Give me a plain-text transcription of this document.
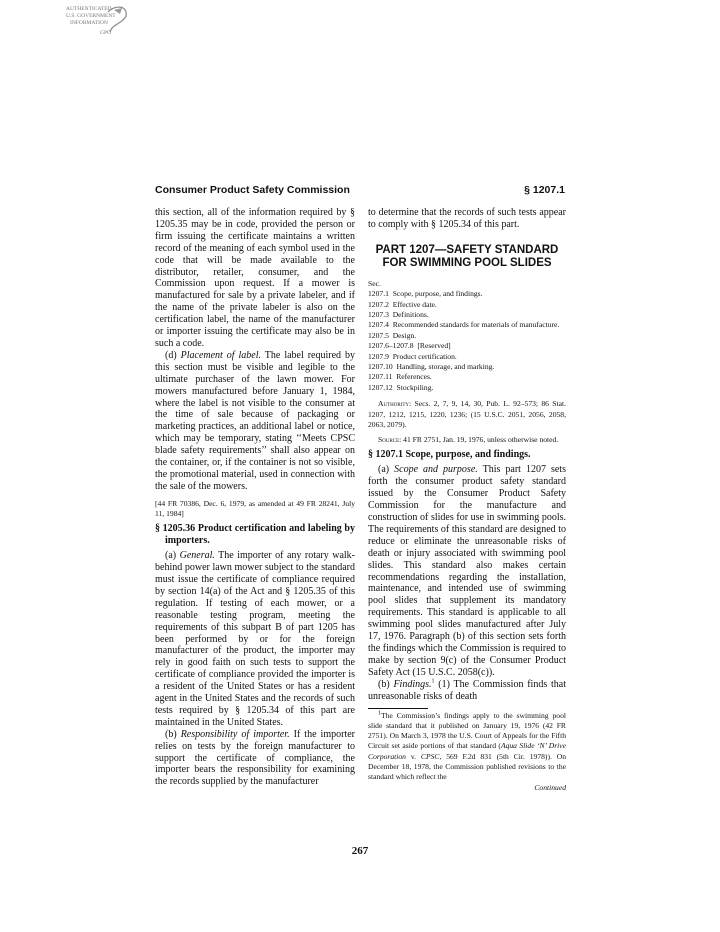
AUTHENTICATED
U.S. GOVERNMENT
INFORMATION
GPO
Consumer Product Safety Commission	§ 1207.1

this section, all of the information required by § 1205.35 may be in code, provided the person or firm issuing the certificate maintains a written record of the meaning of each symbol used in the code that will be made available to the distributor, retailer, consumer, and the Commission upon request. If a mower is manufactured for sale by a private labeler, and if the name of the private labeler is also on the certification label, the name of the manufacturer or importer issuing the certificate may also be in such a code.

(d) Placement of label. The label required by this section must be visible and legible to the ultimate purchaser of the lawn mower. For mowers manufactured before January 1, 1984, where the label is not visible to the consumer at the time of sale because of packaging or marketing practices, an additional label or notice, which may be temporary, stating ‘‘Meets CPSC blade safety requirements’’ shall also appear on the container, or, if the container is not so visible, the promotional material, used in connection with the sale of the mowers.

[44 FR 70386, Dec. 6, 1979, as amended at 49 FR 28241, July 11, 1984]

§ 1205.36 Product certification and labeling by importers.

(a) General. The importer of any rotary walk-behind power lawn mower subject to the standard must issue the certificate of compliance required by section 14(a) of the Act and § 1205.35 of this regulation. If testing of each mower, or a reasonable testing program, meeting the requirements of this subpart B of part 1205 has been performed by or for the foreign manufacturer of the product, the importer may rely in good faith on such tests to support the certificate of compliance provided the importer is a resident of the United States or has a resident agent in the United States and the records of such tests required by § 1205.34 of this part are maintained in the United States.

(b) Responsibility of importer. If the importer relies on tests by the foreign manufacturer to support the certificate of compliance, the importer bears the responsibility for examining the records supplied by the manufacturer

to determine that the records of such tests appear to comply with § 1205.34 of this part.

PART 1207—SAFETY STANDARD
FOR SWIMMING POOL SLIDES

Sec.
1207.1 Scope, purpose, and findings.
1207.2 Effective date.
1207.3 Definitions.
1207.4 Recommended standards for materials of manufacture.
1207.5 Design.
1207.6–1207.8 [Reserved]
1207.9 Product certification.
1207.10 Handling, storage, and marking.
1207.11 References.
1207.12 Stockpiling.

Authority: Secs. 2, 7, 9, 14, 30, Pub. L. 92–573; 86 Stat. 1207, 1212, 1215, 1220, 1236; (15 U.S.C. 2051, 2056, 2058, 2063, 2079).

Source: 41 FR 2751, Jan. 19, 1976, unless otherwise noted.

§ 1207.1 Scope, purpose, and findings.

(a) Scope and purpose. This part 1207 sets forth the consumer product safety standard issued by the Consumer Product Safety Commission for the manufacture and construction of slides for use in swimming pools. The requirements of this standard are designed to reduce or eliminate the unreasonable risks of death or injury associated with swimming pool slides. This standard also makes certain recommendations regarding the installation, maintenance, and intended use of swimming pool slides that supplement its mandatory requirements. This standard is applicable to all swimming pool slides manufactured after July 17, 1976. Paragraph (b) of this section sets forth the findings which the Commission is required to make by section 9(c) of the Consumer Product Safety Act (15 U.S.C. 2058(c)).

(b) Findings.$^1$ (1) The Commission finds that unreasonable risks of death

$^1$The Commission’s findings apply to the swimming pool slide standard that it published on January 19, 1976 (42 FR 2751). On March 3, 1978 the U.S. Court of Appeals for the Fifth Circuit set aside portions of that standard (Aqua Slide ‘N’ Drive Corporation v. CPSC, 569 F.2d 831 (5th Cir. 1978)). On December 18, 1978, the Commission published revisions to the standard which reflect the

Continued

267
